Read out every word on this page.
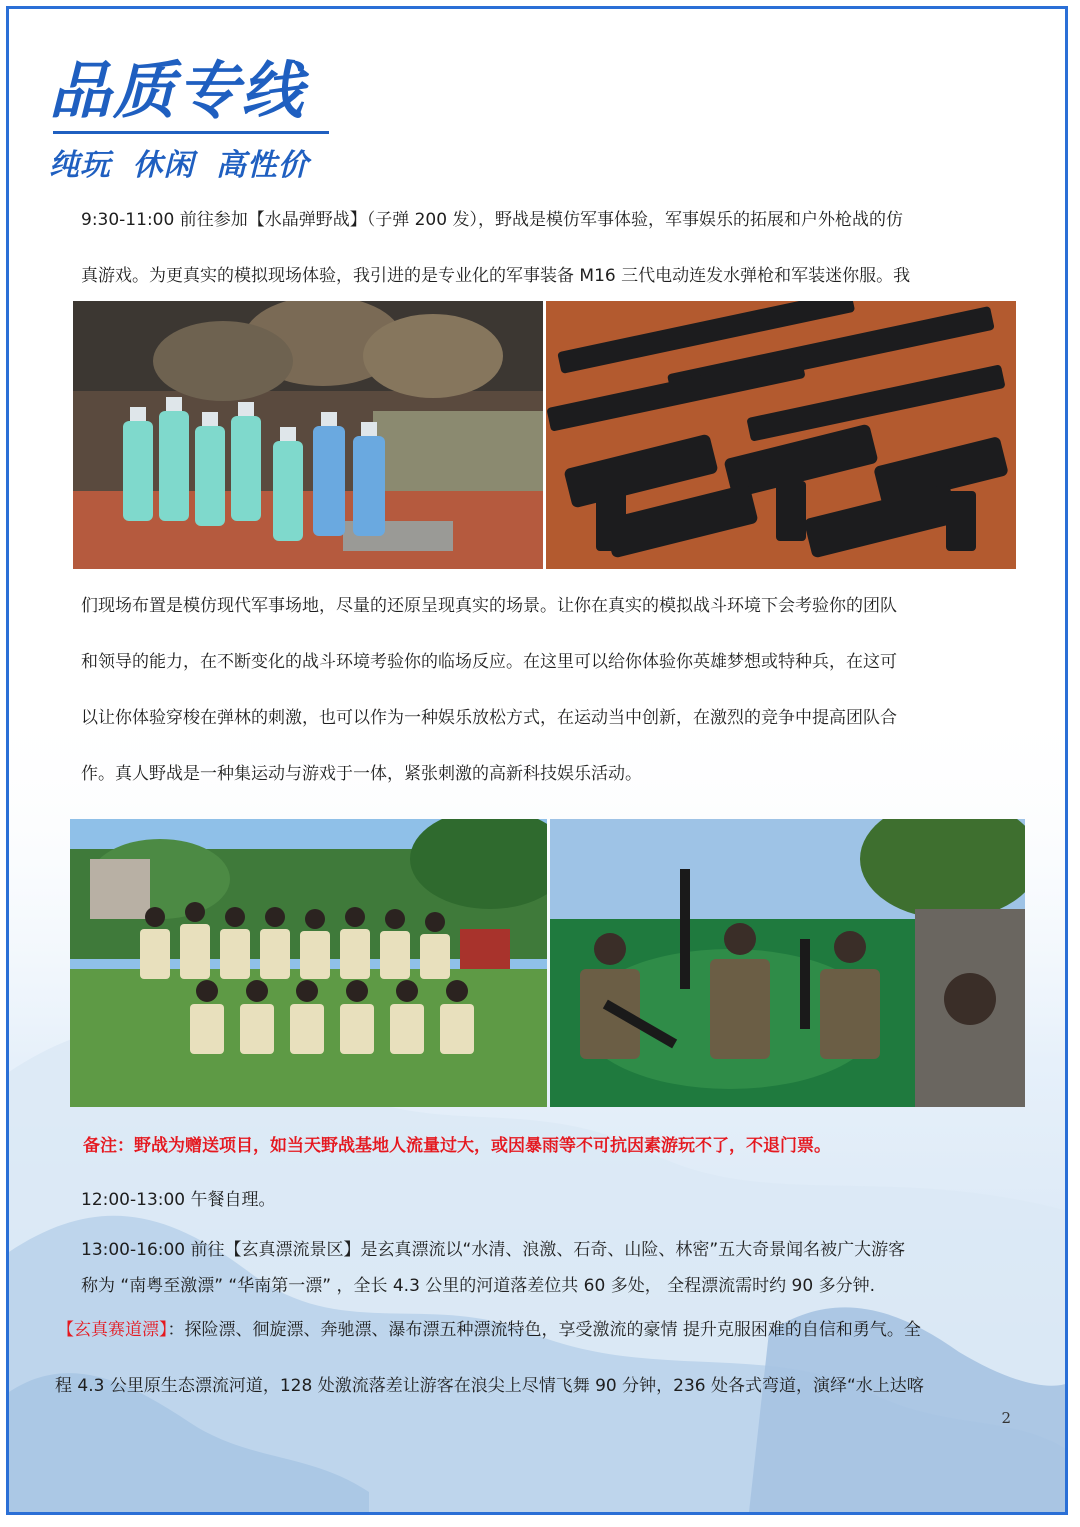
品质专线
纯玩 休闲 高性价
9:30-11:00 前往参加【水晶弹野战】（子弹 200 发），野战是模仿军事体验，军事娱乐的拓展和户外枪战的仿
真游戏。为更真实的模拟现场体验，我引进的是专业化的军事装备 M16 三代电动连发水弹枪和军装迷你服。我
们现场布置是模仿现代军事场地，尽量的还原呈现真实的场景。让你在真实的模拟战斗环境下会考验你的团队
和领导的能力，在不断变化的战斗环境考验你的临场反应。在这里可以给你体验你英雄梦想或特种兵，在这可
以让你体验穿梭在弹林的刺激，也可以作为一种娱乐放松方式，在运动当中创新，在激烈的竞争中提高团队合
作。真人野战是一种集运动与游戏于一体，紧张刺激的高新科技娱乐活动。
备注：野战为赠送项目，如当天野战基地人流量过大，或因暴雨等不可抗因素游玩不了，不退门票。
12:00-13:00 午餐自理。
13:00-16:00 前往【玄真漂流景区】是玄真漂流以“水清、浪激、石奇、山险、林密”五大奇景闻名被广大游客
称为 “南粤至激漂” “华南第一漂” ，全长 4.3 公里的河道落差位共 60 多处， 全程漂流需时约 90 多分钟.
【玄真赛道漂】：探险漂、徊旋漂、奔驰漂、瀑布漂五种漂流特色，享受激流的豪情 提升克服困难的自信和勇气。全
程 4.3 公里原生态漂流河道，128 处激流落差让游客在浪尖上尽情飞舞 90 分钟，236 处各式弯道，演绎“水上达喀
2
